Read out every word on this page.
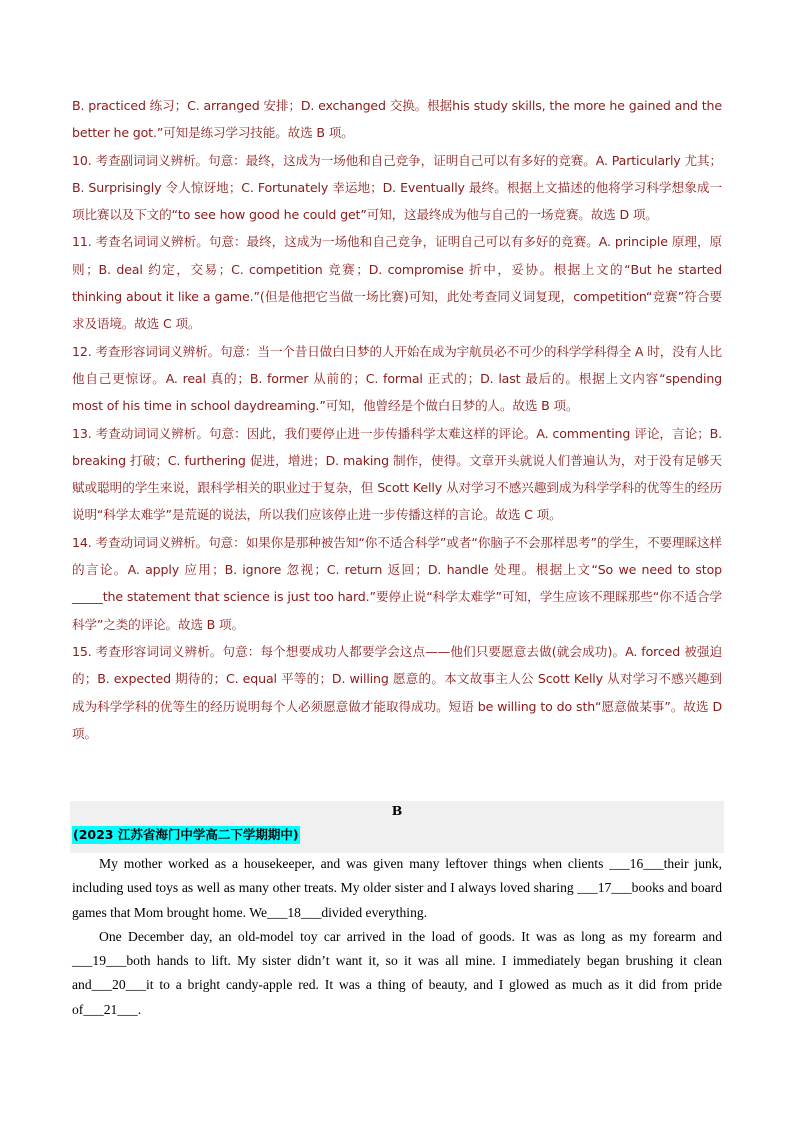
B. practiced 练习；C. arranged 安排；D. exchanged 交换。根据his study skills, the more he gained and the better he got.”可知是练习学习技能。故选 B 项。

10. 考查副词词义辨析。句意：最终，这成为一场他和自己竞争，证明自己可以有多好的竞赛。A. Particularly 尤其；B. Surprisingly 令人惊讶地；C. Fortunately 幸运地；D. Eventually 最终。根据上文描述的他将学习科学想象成一项比赛以及下文的“to see how good he could get”可知，这最终成为他与自己的一场竞赛。故选 D 项。

11. 考查名词词义辨析。句意：最终，这成为一场他和自己竞争，证明自己可以有多好的竞赛。A. principle 原理，原则；B. deal 约定，交易；C. competition 竞赛；D. compromise 折中，妥协。根据上文的“But he started thinking about it like a game.”(但是他把它当做一场比赛)可知，此处考查同义词复现，competition“竞赛”符合要求及语境。故选 C 项。

12. 考查形容词词义辨析。句意：当一个昔日做白日梦的人开始在成为宇航员必不可少的科学学科得全 A 时，没有人比他自己更惊讶。A. real 真的；B. former 从前的；C. formal 正式的；D. last 最后的。根据上文内容“spending most of his time in school daydreaming.”可知，他曾经是个做白日梦的人。故选 B 项。

13. 考查动词词义辨析。句意：因此，我们要停止进一步传播科学太难这样的评论。A. commenting 评论，言论；B. breaking 打破；C. furthering 促进，增进；D. making 制作，使得。文章开头就说人们普遍认为，对于没有足够天赋或聪明的学生来说，跟科学相关的职业过于复杂，但 Scott Kelly 从对学习不感兴趣到成为科学学科的优等生的经历说明“科学太难学”是荒诞的说法，所以我们应该停止进一步传播这样的言论。故选 C 项。

14. 考查动词词义辨析。句意：如果你是那种被告知“你不适合科学”或者“你脑子不会那样思考”的学生，不要理睬这样的言论。A. apply 应用；B. ignore 忽视；C. return 返回；D. handle 处理。根据上文“So we need to stop _____the statement that science is just too hard.”要停止说“科学太难学”可知，学生应该不理睬那些“你不适合学科学”之类的评论。故选 B 项。

15. 考查形容词词义辨析。句意：每个想要成功人都要学会这点——他们只要愿意去做(就会成功)。A. forced 被强迫的；B. expected 期待的；C. equal 平等的；D. willing 愿意的。本文故事主人公 Scott Kelly 从对学习不感兴趣到成为科学学科的优等生的经历说明每个人必须愿意做才能取得成功。短语 be willing to do sth“愿意做某事”。故选 D 项。

B
(2023 江苏省海门中学高二下学期期中)

My mother worked as a housekeeper, and was given many leftover things when clients ___16___their junk, including used toys as well as many other treats. My older sister and I always loved sharing ___17___books and board games that Mom brought home. We___18___divided everything.

One December day, an old-model toy car arrived in the load of goods. It was as long as my forearm and ___19___both hands to lift. My sister didn’t want it, so it was all mine. I immediately began brushing it clean and___20___it to a bright candy-apple red. It was a thing of beauty, and I glowed as much as it did from pride of___21___.
